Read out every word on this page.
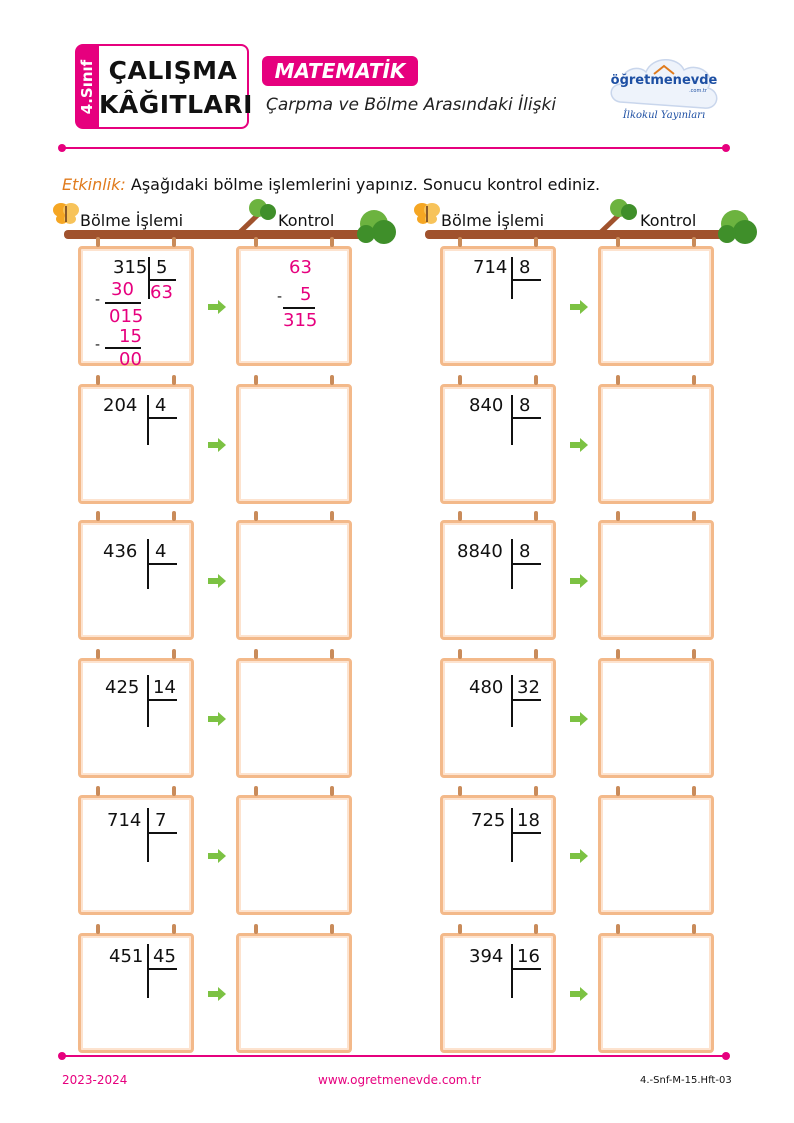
4.Sınıf ÇALIŞMA
KÂĞITLARI
MATEMATİK
Çarpma ve Bölme Arasındaki İlişki
öğretmenevde
.com.tr
İlkokul Yayınları
Etkinlik: Aşağıdaki bölme işlemlerini yapınız. Sonucu kontrol ediniz.
Bölme İşlemi	Kontrol	Bölme İşlemi	Kontrol
315 5
63
- 30
015
- 15
00
63
- 5
315
714 8
204 4	840 8
436 4	8840 8
425 14	480 32
714 7	725 18
451 45	394 16
2023-2024	www.ogretmenevde.com.tr	4.-Snf-M-15.Hft-03
